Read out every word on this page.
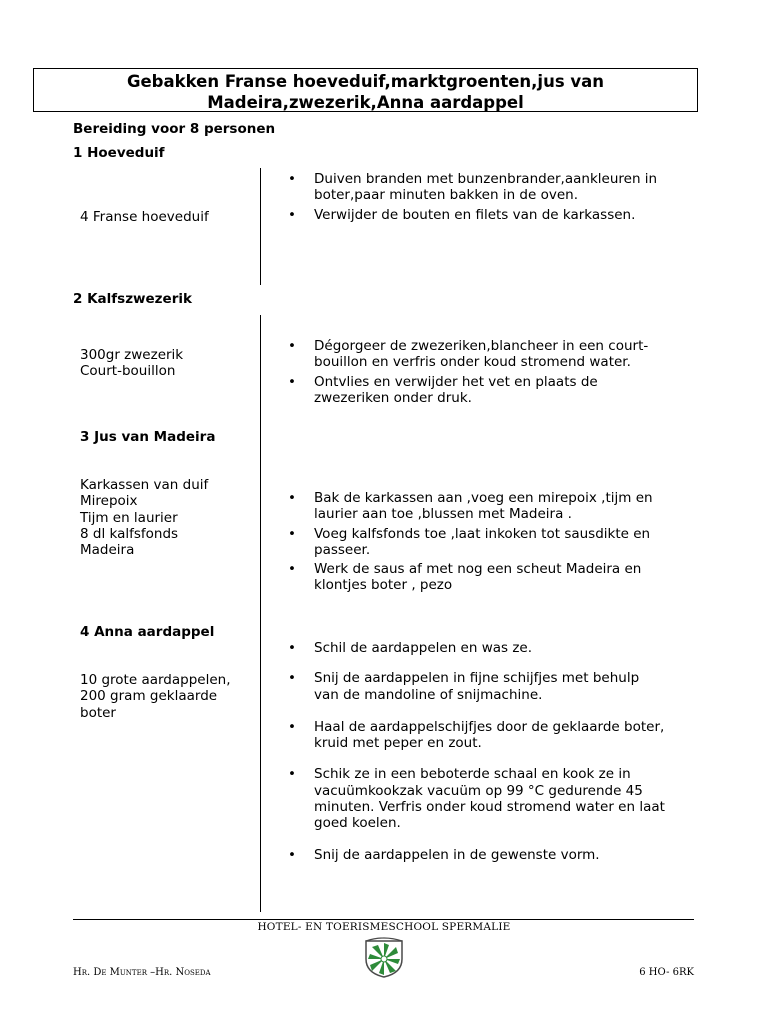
Gebakken Franse hoeveduif,marktgroenten,jus van
Madeira,zwezerik,Anna aardappel
Bereiding voor 8 personen
1 Hoeveduif
4 Franse hoeveduif
• Duiven branden met bunzenbrander,aankleuren in
boter,paar minuten bakken in de oven.
• Verwijder de bouten en filets van de karkassen.
2 Kalfszwezerik
300gr zwezerik
Court-bouillon
• Dégorgeer de zwezeriken,blancheer in een court-
bouillon en verfris onder koud stromend water.
• Ontvlies en verwijder het vet en plaats de
zwezeriken onder druk.
3 Jus van Madeira
Karkassen van duif
Mirepoix
Tijm en laurier
8 dl kalfsfonds
Madeira
• Bak de karkassen aan ,voeg een mirepoix ,tijm en
laurier aan toe ,blussen met Madeira .
• Voeg kalfsfonds toe ,laat inkoken tot sausdikte en
passeer.
• Werk de saus af met nog een scheut Madeira en
klontjes boter , pezo
4 Anna aardappel
10 grote aardappelen,
200 gram geklaarde
boter
• Schil de aardappelen en was ze.
• Snij de aardappelen in fijne schijfjes met behulp
van de mandoline of snijmachine.
• Haal de aardappelschijfjes door de geklaarde boter,
kruid met peper en zout.
• Schik ze in een beboterde schaal en kook ze in
vacuümkookzak vacuüm op 99 °C gedurende 45
minuten. Verfris onder koud stromend water en laat
goed koelen.
• Snij de aardappelen in de gewenste vorm.
HOTEL- EN TOERISMESCHOOL SPERMALIE
Hr. De Munter –Hr. Noseda	6 HO- 6RK
